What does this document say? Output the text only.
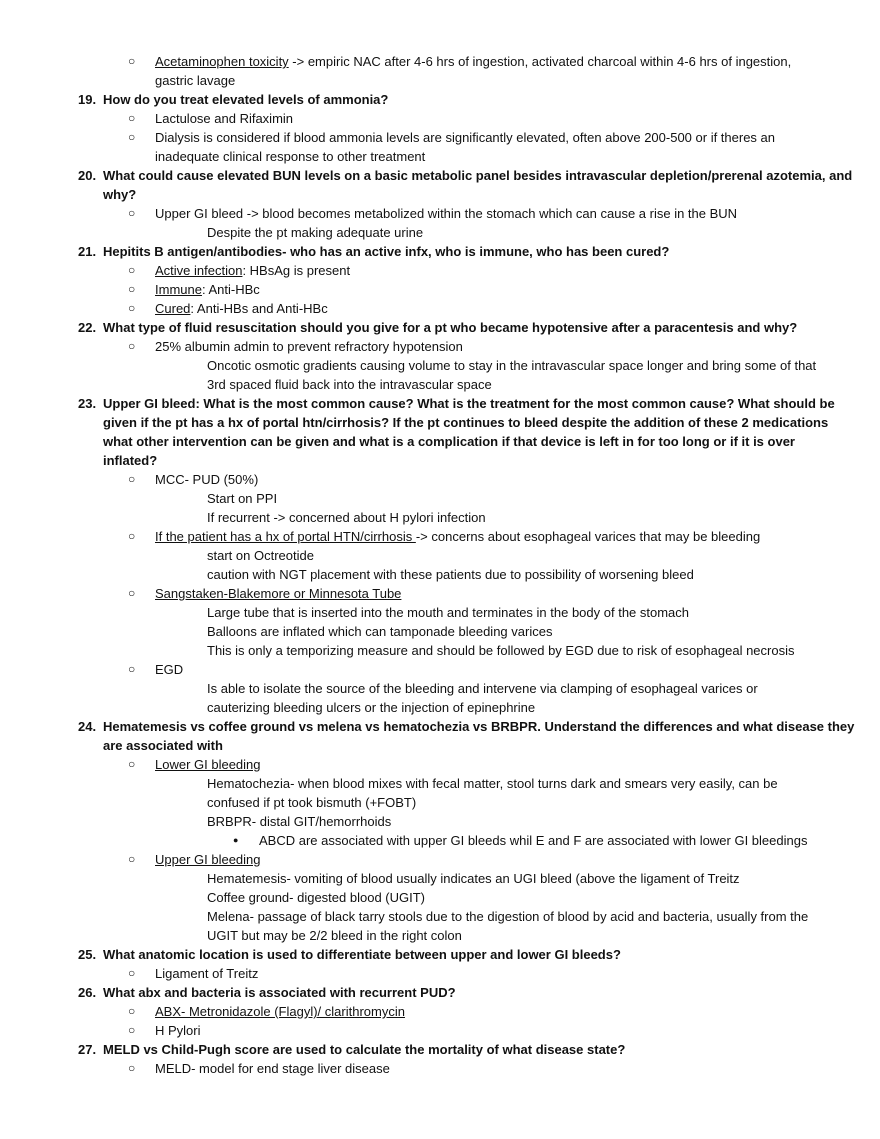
○ Acetaminophen toxicity -> empiric NAC after 4-6 hrs of ingestion, activated charcoal within 4-6 hrs of ingestion,
gastric lavage
19. How do you treat elevated levels of ammonia?
○ Lactulose and Rifaximin
○ Dialysis is considered if blood ammonia levels are significantly elevated, often above 200-500 or if theres an
inadequate clinical response to other treatment
20. What could cause elevated BUN levels on a basic metabolic panel besides intravascular depletion/prerenal azotemia, and
why?
○ Upper GI bleed -> blood becomes metabolized within the stomach which can cause a rise in the BUN
Despite the pt making adequate urine
21. Hepitits B antigen/antibodies- who has an active infx, who is immune, who has been cured?
○ Active infection: HBsAg is present
○ Immune: Anti-HBc
○ Cured: Anti-HBs and Anti-HBc
22. What type of fluid resuscitation should you give for a pt who became hypotensive after a paracentesis and why?
○ 25% albumin admin to prevent refractory hypotension
Oncotic osmotic gradients causing volume to stay in the intravascular space longer and bring some of that
3rd spaced fluid back into the intravascular space
23. Upper GI bleed: What is the most common cause? What is the treatment for the most common cause? What should be
given if the pt has a hx of portal htn/cirrhosis? If the pt continues to bleed despite the addition of these 2 medications
what other intervention can be given and what is a complication if that device is left in for too long or if it is over
inflated?
○ MCC- PUD (50%)
Start on PPI
If recurrent -> concerned about H pylori infection
○ If the patient has a hx of portal HTN/cirrhosis -> concerns about esophageal varices that may be bleeding
start on Octreotide
caution with NGT placement with these patients due to possibility of worsening bleed
○ Sangstaken-Blakemore or Minnesota Tube
Large tube that is inserted into the mouth and terminates in the body of the stomach
Balloons are inflated which can tamponade bleeding varices
This is only a temporizing measure and should be followed by EGD due to risk of esophageal necrosis
○ EGD
Is able to isolate the source of the bleeding and intervene via clamping of esophageal varices or
cauterizing bleeding ulcers or the injection of epinephrine
24. Hematemesis vs coffee ground vs melena vs hematochezia vs BRBPR. Understand the differences and what disease they
are associated with
○ Lower GI bleeding
Hematochezia- when blood mixes with fecal matter, stool turns dark and smears very easily, can be
confused if pt took bismuth (+FOBT)
BRBPR- distal GIT/hemorrhoids
● ABCD are associated with upper GI bleeds whil E and F are associated with lower GI bleedings
○ Upper GI bleeding
Hematemesis- vomiting of blood usually indicates an UGI bleed (above the ligament of Treitz
Coffee ground- digested blood (UGIT)
Melena- passage of black tarry stools due to the digestion of blood by acid and bacteria, usually from the
UGIT but may be 2/2 bleed in the right colon
25. What anatomic location is used to differentiate between upper and lower GI bleeds?
○ Ligament of Treitz
26. What abx and bacteria is associated with recurrent PUD?
○ ABX- Metronidazole (Flagyl)/ clarithromycin
○ H Pylori
27. MELD vs Child-Pugh score are used to calculate the mortality of what disease state?
○ MELD- model for end stage liver disease
